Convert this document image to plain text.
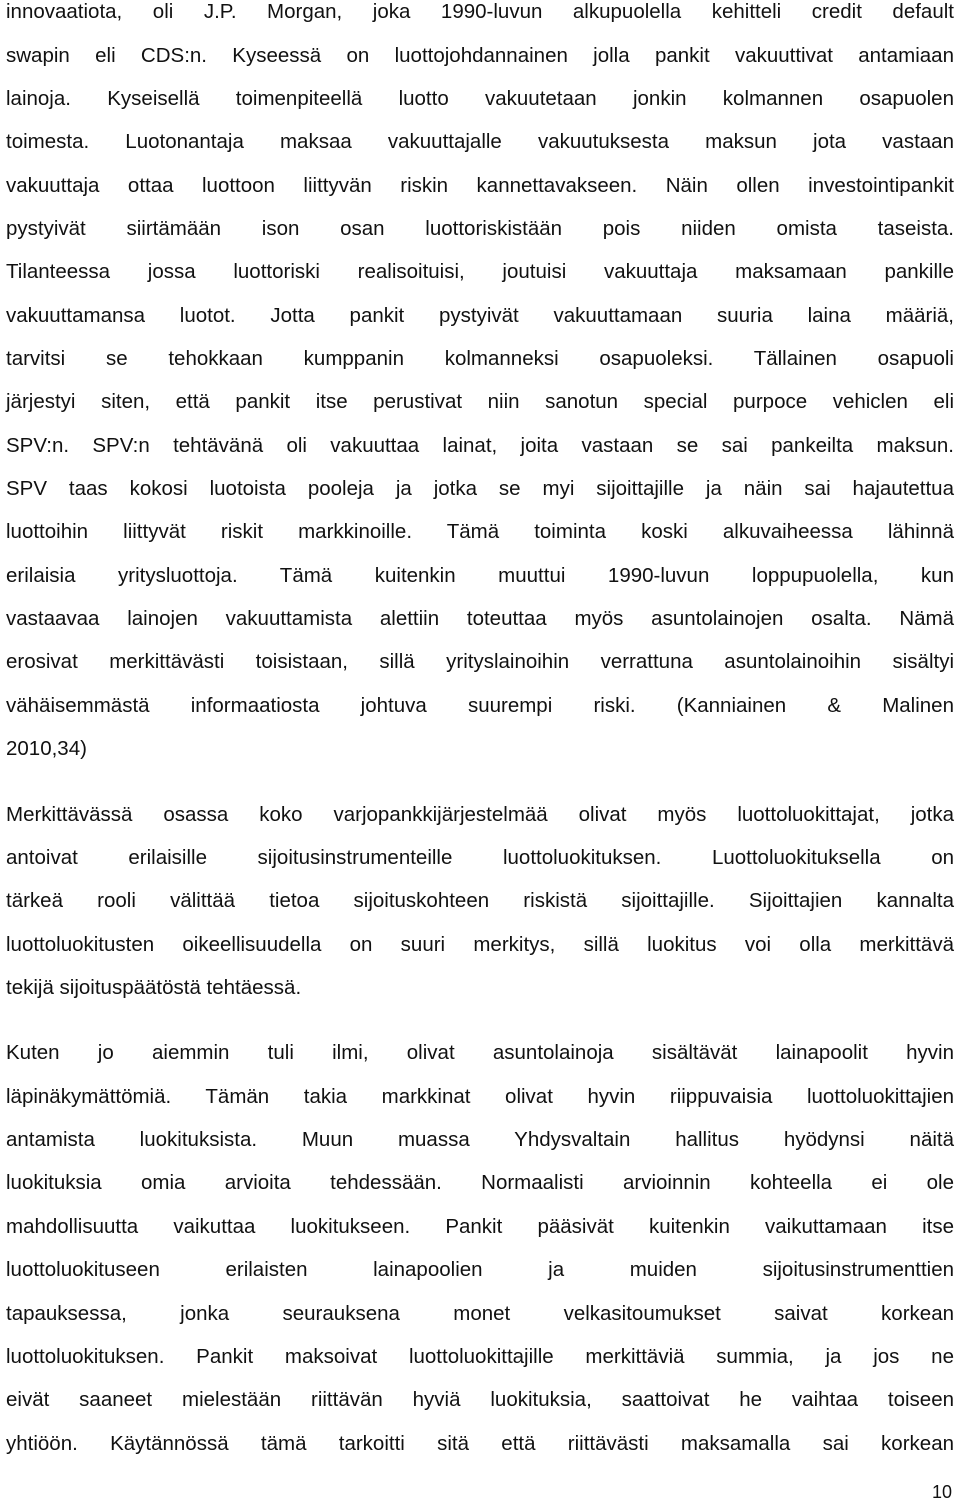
innovaatiota, oli J.P. Morgan, joka 1990-luvun alkupuolella kehitteli credit default
swapin eli CDS:n. Kyseessä on luottojohdannainen jolla pankit vakuuttivat antamiaan
lainoja. Kyseisellä toimenpiteellä luotto vakuutetaan jonkin kolmannen osapuolen
toimesta. Luotonantaja maksaa vakuuttajalle vakuutuksesta maksun jota vastaan
vakuuttaja ottaa luottoon liittyvän riskin kannettavakseen. Näin ollen investointipankit
pystyivät siirtämään ison osan luottoriskistään pois niiden omista taseista.
Tilanteessa jossa luottoriski realisoituisi, joutuisi vakuuttaja maksamaan pankille
vakuuttamansa luotot. Jotta pankit pystyivät vakuuttamaan suuria laina määriä,
tarvitsi se tehokkaan kumppanin kolmanneksi osapuoleksi. Tällainen osapuoli
järjestyi siten, että pankit itse perustivat niin sanotun special purpoce vehiclen eli
SPV:n. SPV:n tehtävänä oli vakuuttaa lainat, joita vastaan se sai pankeilta maksun.
SPV taas kokosi luotoista pooleja ja jotka se myi sijoittajille ja näin sai hajautettua
luottoihin liittyvät riskit markkinoille. Tämä toiminta koski alkuvaiheessa lähinnä
erilaisia yritysluottoja. Tämä kuitenkin muuttui 1990-luvun loppupuolella, kun
vastaavaa lainojen vakuuttamista alettiin toteuttaa myös asuntolainojen osalta. Nämä
erosivat merkittävästi toisistaan, sillä yrityslainoihin verrattuna asuntolainoihin sisältyi
vähäisemmästä informaatiosta johtuva suurempi riski. (Kanniainen & Malinen
2010,34)
Merkittävässä osassa koko varjopankkijärjestelmää olivat myös luottoluokittajat, jotka
antoivat erilaisille sijoitusinstrumenteille luottoluokituksen. Luottoluokituksella on
tärkeä rooli välittää tietoa sijoituskohteen riskistä sijoittajille. Sijoittajien kannalta
luottoluokitusten oikeellisuudella on suuri merkitys, sillä luokitus voi olla merkittävä
tekijä sijoituspäätöstä tehtäessä.
Kuten jo aiemmin tuli ilmi, olivat asuntolainoja sisältävät lainapoolit hyvin
läpinäkymättömiä. Tämän takia markkinat olivat hyvin riippuvaisia luottoluokittajien
antamista luokituksista. Muun muassa Yhdysvaltain hallitus hyödynsi näitä
luokituksia omia arvioita tehdessään. Normaalisti arvioinnin kohteella ei ole
mahdollisuutta vaikuttaa luokitukseen. Pankit pääsivät kuitenkin vaikuttamaan itse
luottoluokituseen erilaisten lainapoolien ja muiden sijoitusinstrumenttien
tapauksessa, jonka seurauksena monet velkasitoumukset saivat korkean
luottoluokituksen. Pankit maksoivat luottoluokittajille merkittäviä summia, ja jos ne
eivät saaneet mielestään riittävän hyviä luokituksia, saattoivat he vaihtaa toiseen
yhtiöön. Käytännössä tämä tarkoitti sitä että riittävästi maksamalla sai korkean
10
